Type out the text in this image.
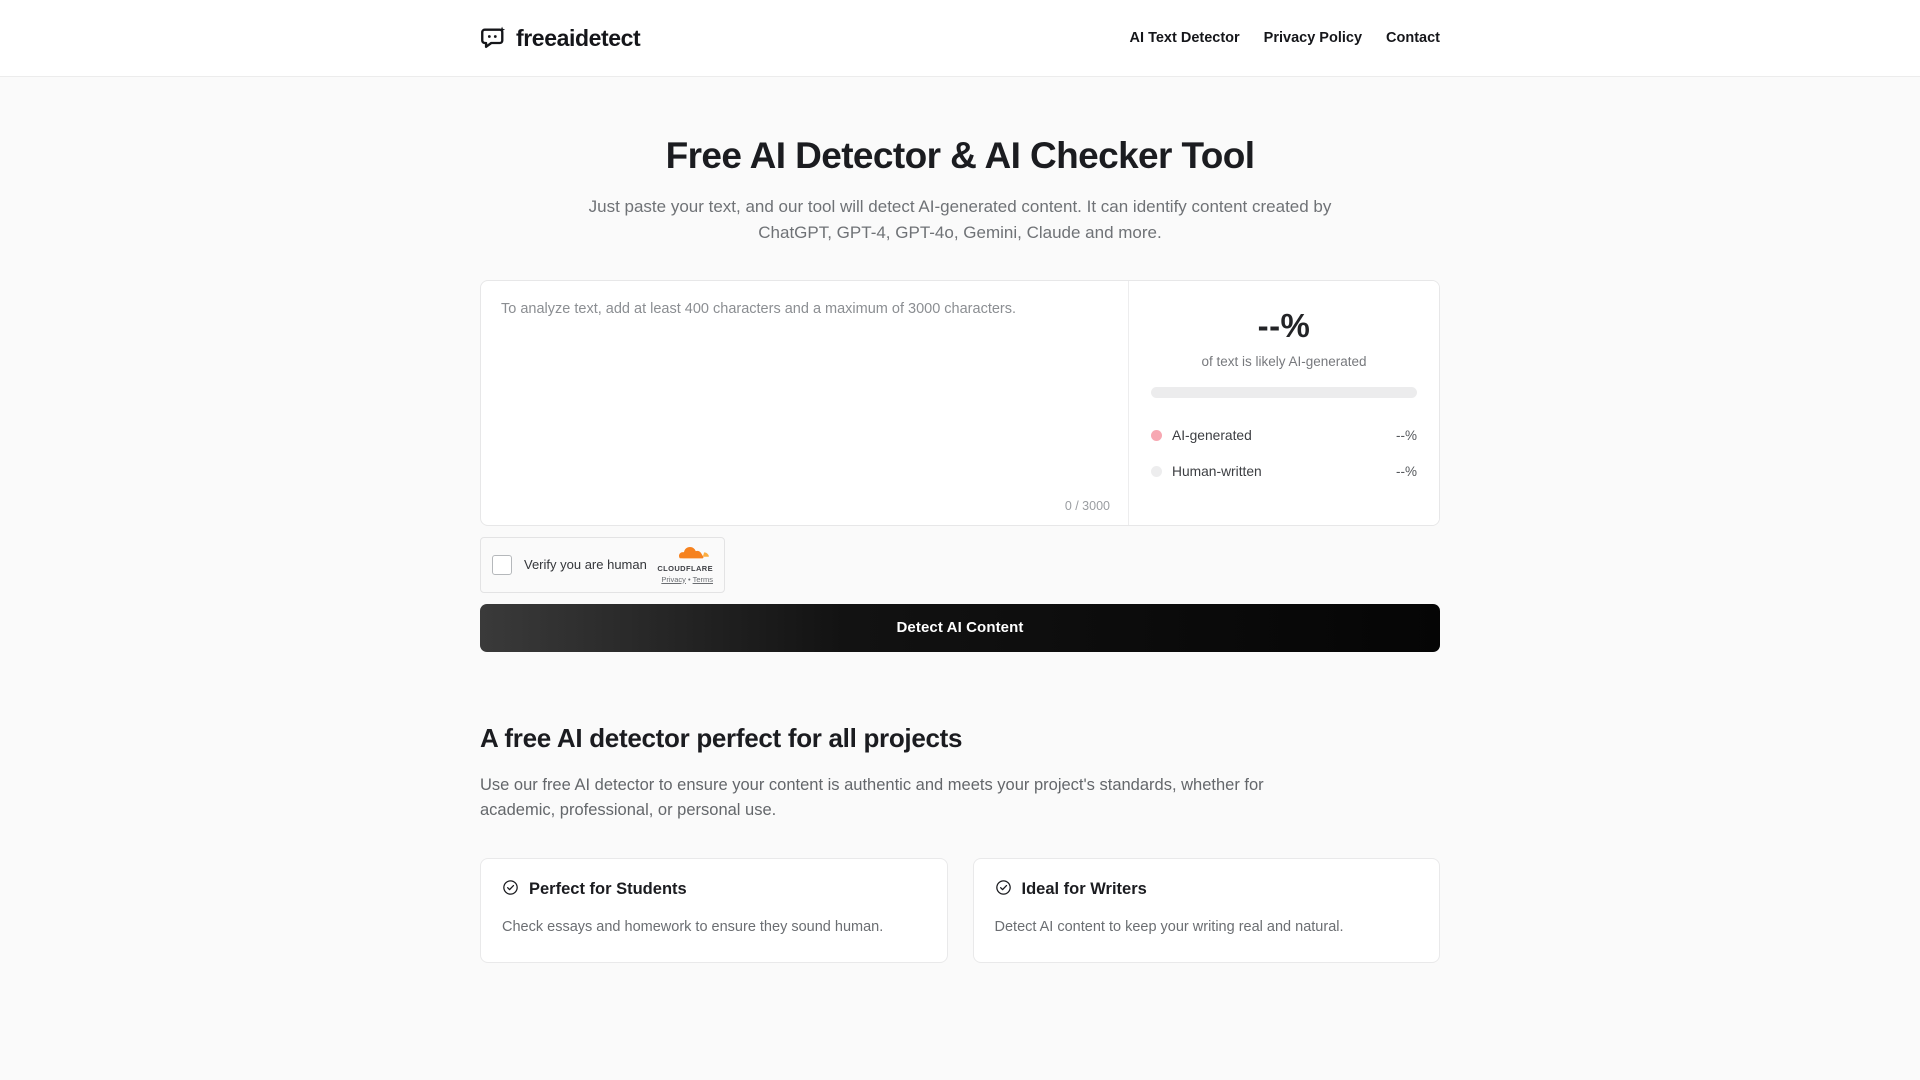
freeaidetect	AI Text Detector Privacy Policy Contact
Free AI Detector & AI Checker Tool

Just paste your text, and our tool will detect AI-generated content. It can identify content created by ChatGPT, GPT-4, GPT-4o, Gemini, Claude and more.

To analyze text, add at least 400 characters and a maximum of 3000 characters.
0 / 3000
--%
of text is likely AI-generated
AI-generated	--%
Human-written	--%
Verify you are human CLOUDFLARE
Privacy • Terms
Detect AI Content
A free AI detector perfect for all projects

Use our free AI detector to ensure your content is authentic and meets your project's standards, whether for academic, professional, or personal use.

Perfect for Students
Check essays and homework to ensure they sound human.
Ideal for Writers
Detect AI content to keep your writing real and natural.
